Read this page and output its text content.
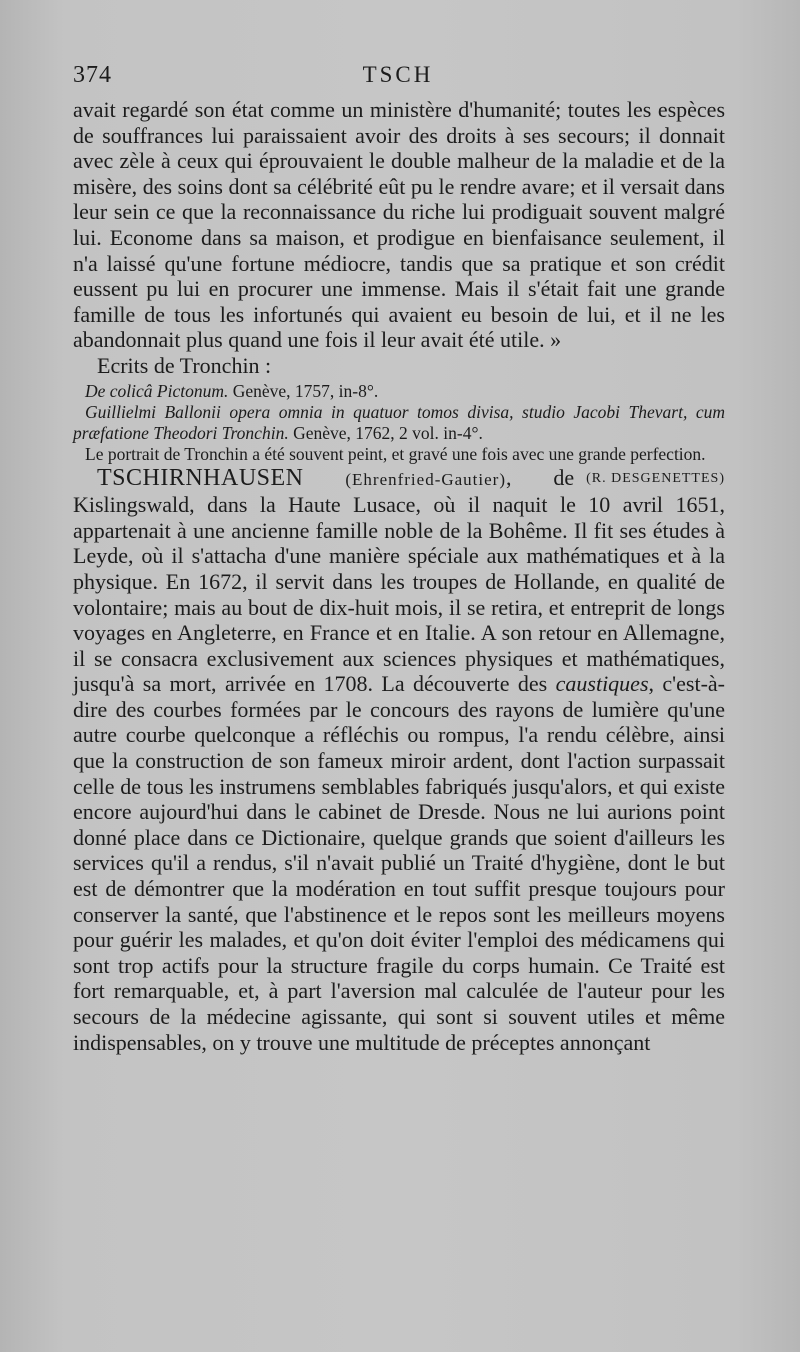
374	TSCH

avait regardé son état comme un ministère d'humanité; toutes les espèces de souffrances lui paraissaient avoir des droits à ses secours; il donnait avec zèle à ceux qui éprouvaient le double malheur de la maladie et de la misère, des soins dont sa célébrité eût pu le rendre avare; et il versait dans leur sein ce que la reconnaissance du riche lui prodiguait souvent malgré lui. Econome dans sa maison, et prodigue en bienfaisance seulement, il n'a laissé qu'une fortune médiocre, tandis que sa pratique et son crédit eussent pu lui en procurer une immense. Mais il s'était fait une grande famille de tous les infortunés qui avaient eu besoin de lui, et il ne les abandonnait plus quand une fois il leur avait été utile. »

Ecrits de Tronchin :

De colicâ Pictonum. Genève, 1757, in-8°.

Guillielmi Ballonii opera omnia in quatuor tomos divisa, studio Jacobi Thevart, cum præfatione Theodori Tronchin. Genève, 1762, 2 vol. in-4°.

Le portrait de Tronchin a été souvent peint, et gravé une fois avec une grande perfection.
(R. DESGENETTES)

TSCHIRNHAUSEN (Ehrenfried-Gautier), de Kislingswald, dans la Haute Lusace, où il naquit le 10 avril 1651, appartenait à une ancienne famille noble de la Bohême. Il fit ses études à Leyde, où il s'attacha d'une manière spéciale aux mathématiques et à la physique. En 1672, il servit dans les troupes de Hollande, en qualité de volontaire; mais au bout de dix-huit mois, il se retira, et entreprit de longs voyages en Angleterre, en France et en Italie. A son retour en Allemagne, il se consacra exclusivement aux sciences physiques et mathématiques, jusqu'à sa mort, arrivée en 1708. La découverte des caustiques, c'est-à-dire des courbes formées par le concours des rayons de lumière qu'une autre courbe quelconque a réfléchis ou rompus, l'a rendu célèbre, ainsi que la construction de son fameux miroir ardent, dont l'action surpassait celle de tous les instrumens semblables fabriqués jusqu'alors, et qui existe encore aujourd'hui dans le cabinet de Dresde. Nous ne lui aurions point donné place dans ce Dictionaire, quelque grands que soient d'ailleurs les services qu'il a rendus, s'il n'avait publié un Traité d'hygiène, dont le but est de démontrer que la modération en tout suffit presque toujours pour conserver la santé, que l'abstinence et le repos sont les meilleurs moyens pour guérir les malades, et qu'on doit éviter l'emploi des médicamens qui sont trop actifs pour la structure fragile du corps humain. Ce Traité est fort remarquable, et, à part l'aversion mal calculée de l'auteur pour les secours de la médecine agissante, qui sont si souvent utiles et même indispensables, on y trouve une multitude de préceptes annonçant
